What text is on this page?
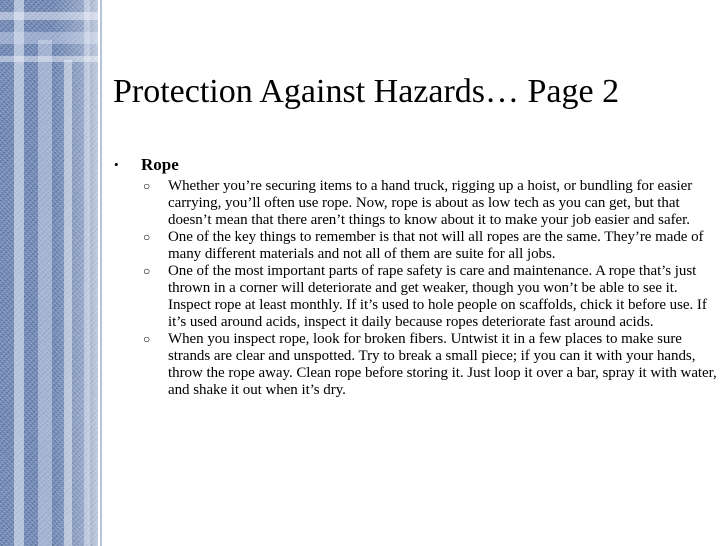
Protection Against Hazards… Page 2
• Rope
○ Whether you’re securing items to a hand truck, rigging up a hoist, or bundling for easier carrying, you’ll often use rope. Now, rope is about as low tech as you can get, but that doesn’t mean that there aren’t things to know about it to make your job easier and safer.
○ One of the key things to remember is that not will all ropes are the same. They’re made of many different materials and not all of them are suite for all jobs.
○ One of the most important parts of rape safety is care and maintenance. A rope that’s just thrown in a corner will deteriorate and get weaker, though you won’t be able to see it. Inspect rope at least monthly. If it’s used to hole people on scaffolds, chick it before use. If it’s used around acids, inspect it daily because ropes deteriorate fast around acids.
○ When you inspect rope, look for broken fibers. Untwist it in a few places to make sure strands are clear and unspotted. Try to break a small piece; if you can it with your hands, throw the rope away. Clean rope before storing it. Just loop it over a bar, spray it with water, and shake it out when it’s dry.
